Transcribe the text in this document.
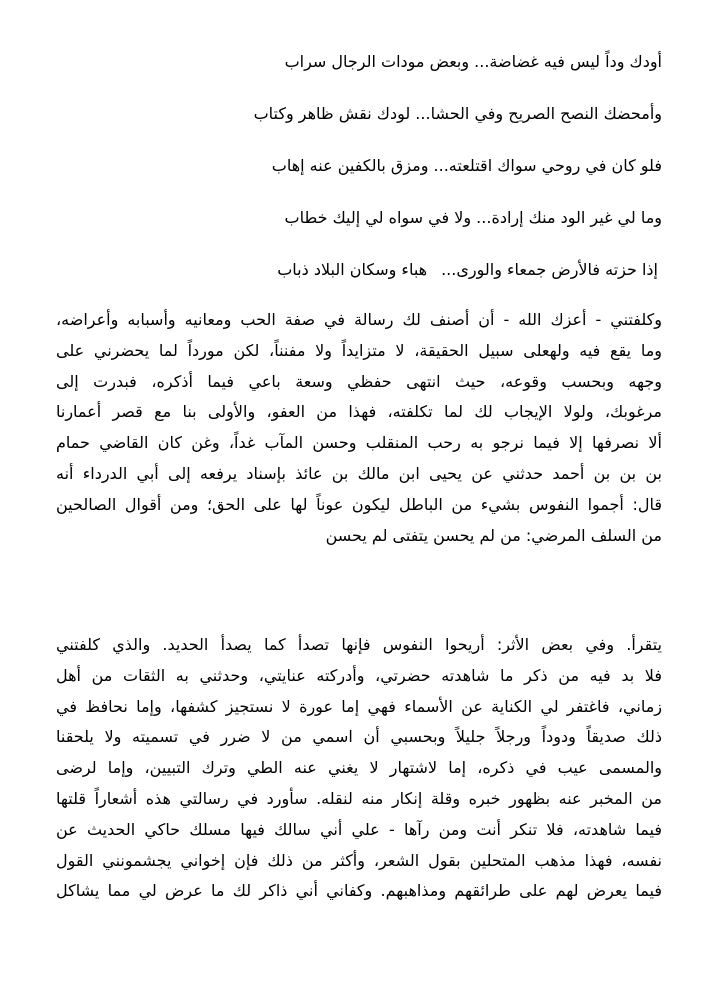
أودك وداً ليس فيه غضاضة... وبعض مودات الرجال سراب
وأمحضك النصح الصريح وفي الحشا... لودك نقش ظاهر وكتاب
فلو كان في روحي سواك اقتلعته... ومزق بالكفين عنه إهاب
وما لي غير الود منك إرادة... ولا في سواه لي إليك خطاب
إذا حزته فالأرض جمعاء والورى...هباء وسكان البلاد ذباب
وكلفتني - أعزك الله - أن أصنف لك رسالة في صفة الحب ومعانيه وأسبابه وأعراضه،
وما يقع فيه ولهعلى سبيل الحقيقة، لا متزايداً ولا مفنناً، لكن مورداً لما يحضرني على
وجهه وبحسب وقوعه، حيث انتهى حفظي وسعة باعي فيما أذكره، فبدرت إلى
مرغوبك، ولولا الإيجاب لك لما تكلفته، فهذا من العفو، والأولى بنا مع قصر أعمارنا
ألا نصرفها إلا فيما نرجو به رحب المنقلب وحسن المآب غداً، وغن كان القاضي حمام
بن بن بن أحمد حدثني عن يحيى ابن مالك بن عائذ بإسناد يرفعه إلى أبي الدرداء أنه
قال: أجموا النفوس بشيء من الباطل ليكون عوناً لها على الحق؛ ومن أقوال الصالحين
من السلف المرضي: من لم يحسن يتفتى لم يحسن
يتقرأ. وفي بعض الأثر: أريحوا النفوس فإنها تصدأ كما يصدأ الحديد. والذي كلفتني
فلا بد فيه من ذكر ما شاهدته حضرتي، وأدركته عنايتي، وحدثني به الثقات من أهل
زماني، فاغتفر لي الكناية عن الأسماء فهي إما عورة لا نستجيز كشفها، وإما نحافظ في
ذلك صديقاً ودوداً ورجلاً جليلاً وبحسبي أن اسمي من لا ضرر في تسميته ولا يلحقنا
والمسمى عيب في ذكره، إما لاشتهار لا يغني عنه الطي وترك التبيين، وإما لرضى
من المخبر عنه بظهور خبره وقلة إنكار منه لنقله. سأورد في رسالتي هذه أشعاراً قلتها
فيما شاهدته، فلا تنكر أنت ومن رآها - علي أني سالك فيها مسلك حاكي الحديث عن
نفسه، فهذا مذهب المتحلين بقول الشعر، وأكثر من ذلك فإن إخواني يجشمونني القول
فيما يعرض لهم على طرائقهم ومذاهبهم. وكفاني أني ذاكر لك ما عرض لي مما يشاكل
